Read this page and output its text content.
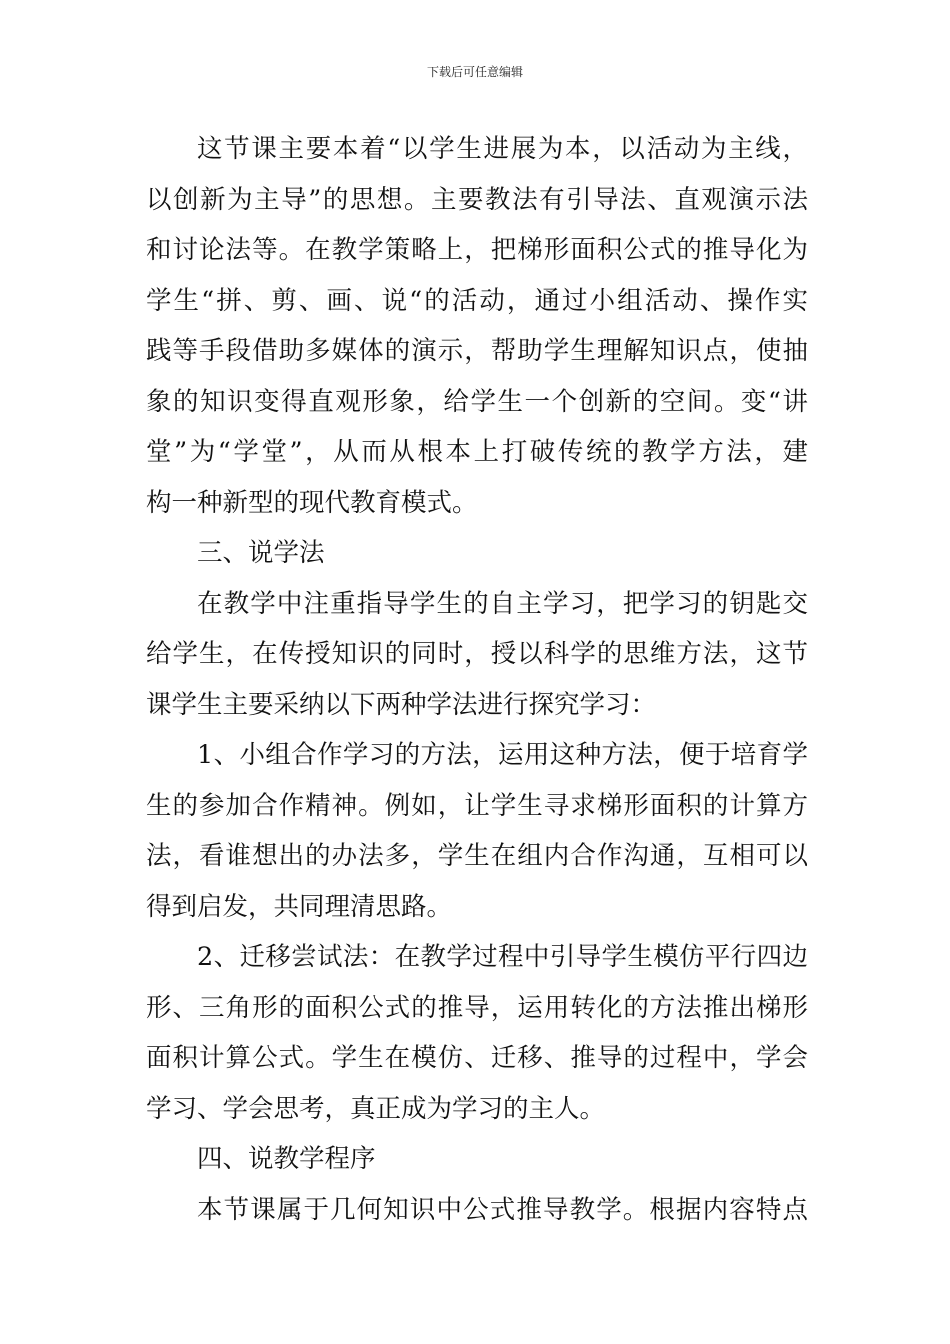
下载后可任意编辑
这节课主要本着“以学生进展为本，以活动为主线，
以创新为主导”的思想。主要教法有引导法、直观演示法
和讨论法等。在教学策略上，把梯形面积公式的推导化为
学生“拼、剪、画、说“的活动，通过小组活动、操作实
践等手段借助多媒体的演示，帮助学生理解知识点，使抽
象的知识变得直观形象，给学生一个创新的空间。变“讲
堂”为“学堂”，从而从根本上打破传统的教学方法，建
构一种新型的现代教育模式。
三、说学法
在教学中注重指导学生的自主学习，把学习的钥匙交
给学生，在传授知识的同时，授以科学的思维方法，这节
课学生主要采纳以下两种学法进行探究学习：
1、小组合作学习的方法，运用这种方法，便于培育学
生的参加合作精神。例如，让学生寻求梯形面积的计算方
法，看谁想出的办法多，学生在组内合作沟通，互相可以
得到启发，共同理清思路。
2、迁移尝试法：在教学过程中引导学生模仿平行四边
形、三角形的面积公式的推导，运用转化的方法推出梯形
面积计算公式。学生在模仿、迁移、推导的过程中，学会
学习、学会思考，真正成为学习的主人。
四、说教学程序
本节课属于几何知识中公式推导教学。根据内容特点
